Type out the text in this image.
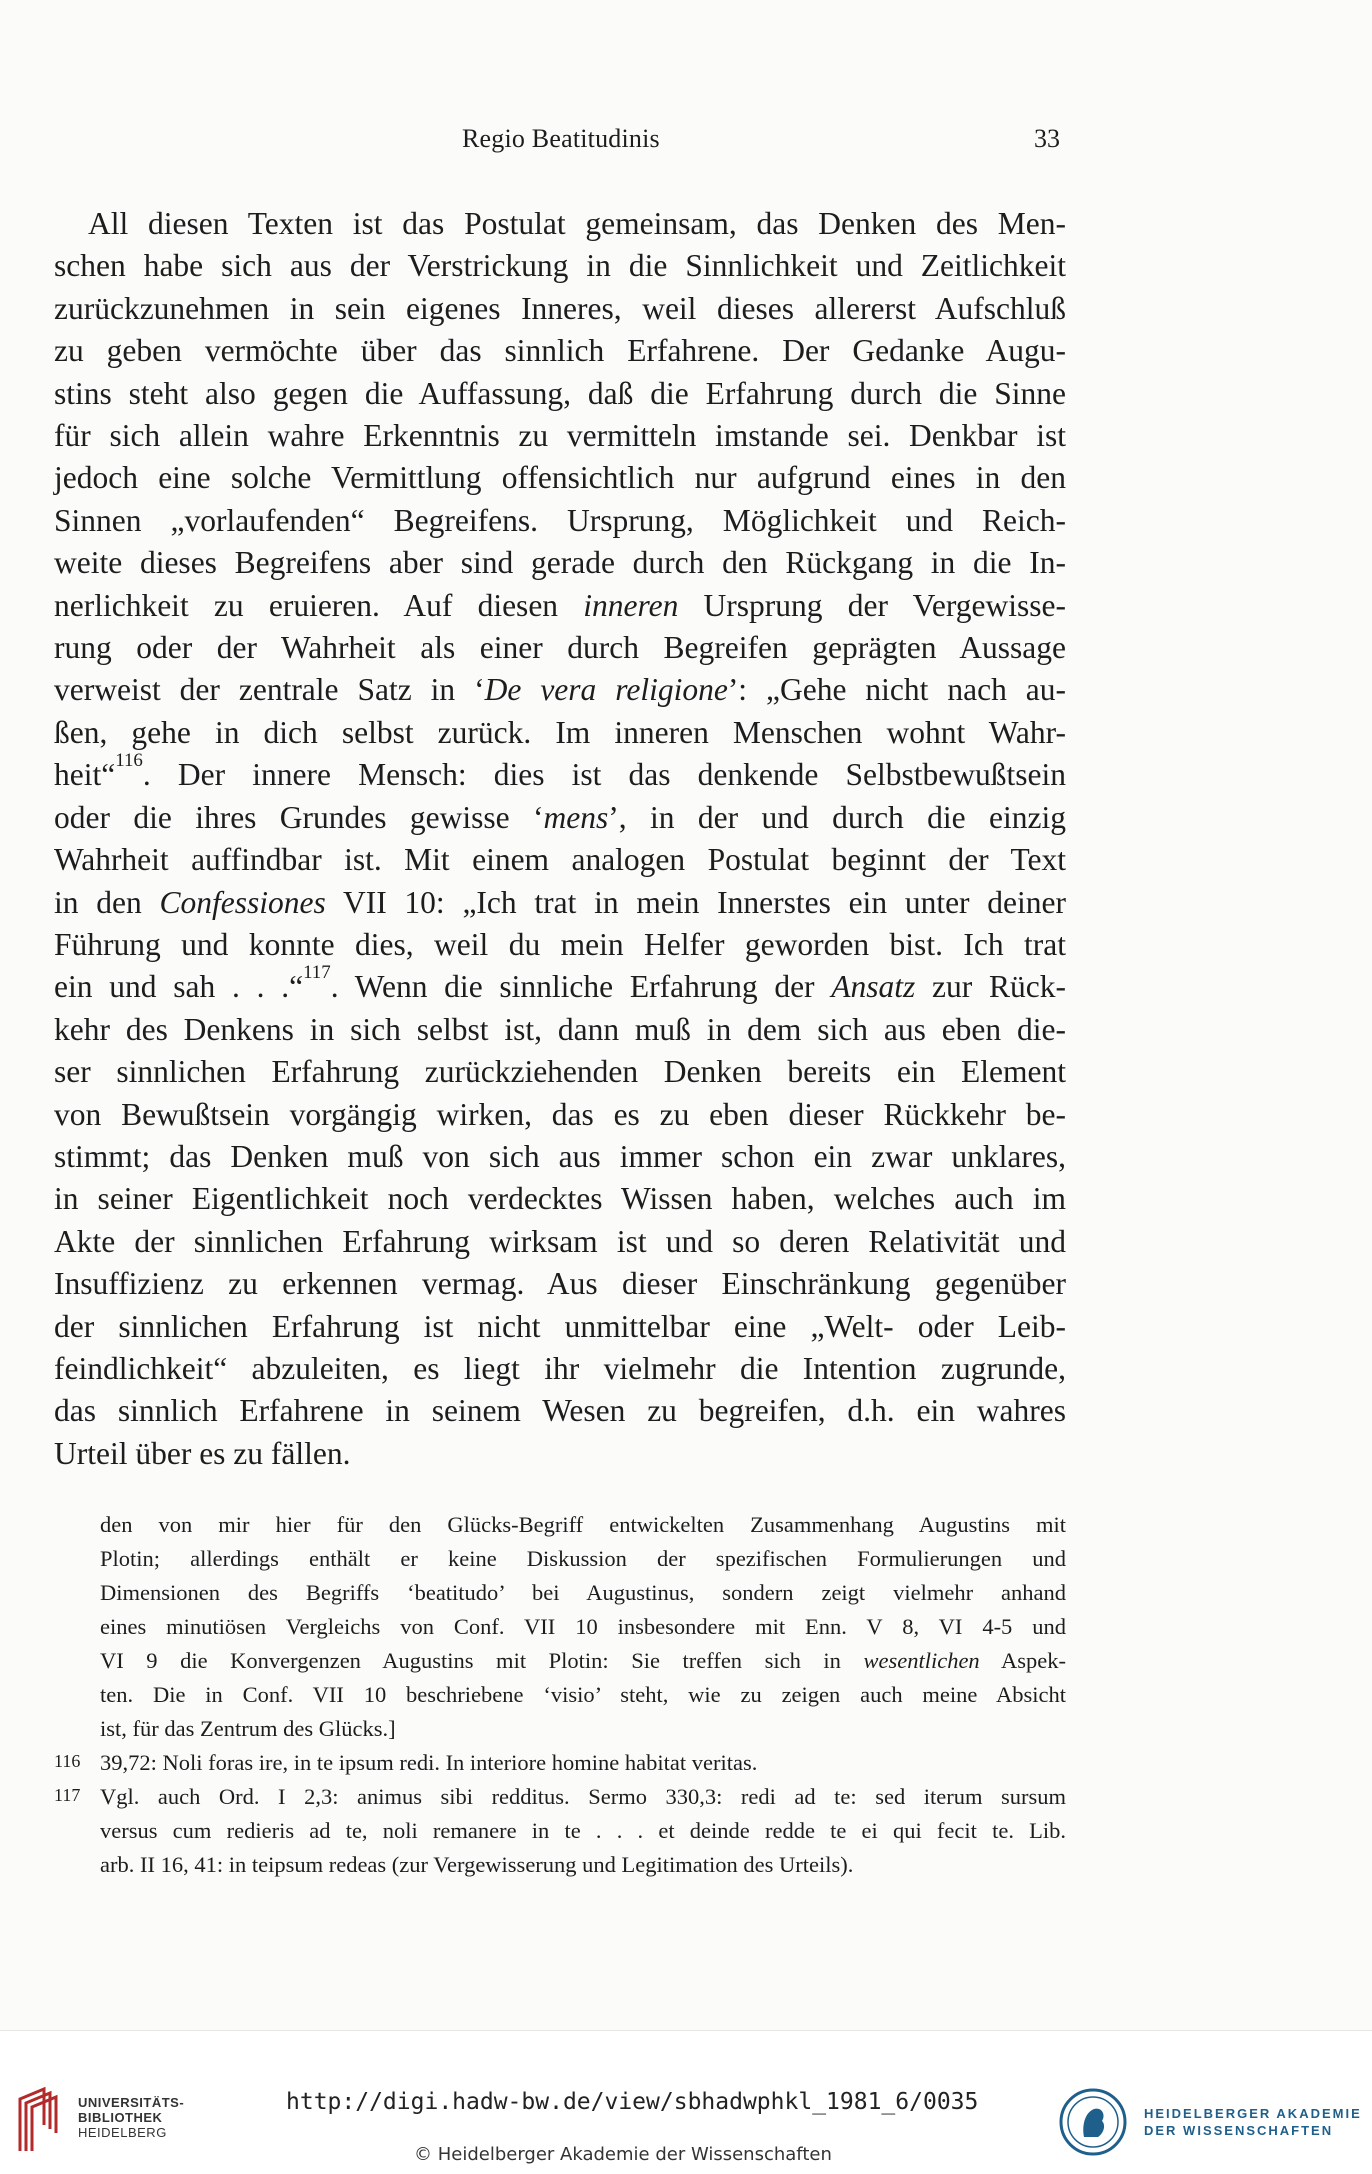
Regio Beatitudinis	33
All diesen Texten ist das Postulat gemeinsam, das Denken des Men-
schen habe sich aus der Verstrickung in die Sinnlichkeit und Zeitlichkeit
zurückzunehmen in sein eigenes Inneres, weil dieses allererst Aufschluß
zu geben vermöchte über das sinnlich Erfahrene. Der Gedanke Augu-
stins steht also gegen die Auffassung, daß die Erfahrung durch die Sinne
für sich allein wahre Erkenntnis zu vermitteln imstande sei. Denkbar ist
jedoch eine solche Vermittlung offensichtlich nur aufgrund eines in den
Sinnen „vorlaufenden“ Begreifens. Ursprung, Möglichkeit und Reich-
weite dieses Begreifens aber sind gerade durch den Rückgang in die In-
nerlichkeit zu eruieren. Auf diesen inneren Ursprung der Vergewisse-
rung oder der Wahrheit als einer durch Begreifen geprägten Aussage
verweist der zentrale Satz in ‘De vera religione’: „Gehe nicht nach au-
ßen, gehe in dich selbst zurück. Im inneren Menschen wohnt Wahr-
heit“$^{116}$. Der innere Mensch: dies ist das denkende Selbstbewußtsein
oder die ihres Grundes gewisse ‘mens’, in der und durch die einzig
Wahrheit auffindbar ist. Mit einem analogen Postulat beginnt der Text
in den Confessiones VII 10: „Ich trat in mein Innerstes ein unter deiner
Führung und konnte dies, weil du mein Helfer geworden bist. Ich trat
ein und sah . . .“$^{117}$. Wenn die sinnliche Erfahrung der Ansatz zur Rück-
kehr des Denkens in sich selbst ist, dann muß in dem sich aus eben die-
ser sinnlichen Erfahrung zurückziehenden Denken bereits ein Element
von Bewußtsein vorgängig wirken, das es zu eben dieser Rückkehr be-
stimmt; das Denken muß von sich aus immer schon ein zwar unklares,
in seiner Eigentlichkeit noch verdecktes Wissen haben, welches auch im
Akte der sinnlichen Erfahrung wirksam ist und so deren Relativität und
Insuffizienz zu erkennen vermag. Aus dieser Einschränkung gegenüber
der sinnlichen Erfahrung ist nicht unmittelbar eine „Welt- oder Leib-
feindlichkeit“ abzuleiten, es liegt ihr vielmehr die Intention zugrunde,
das sinnlich Erfahrene in seinem Wesen zu begreifen, d.h. ein wahres
Urteil über es zu fällen.
den von mir hier für den Glücks-Begriff entwickelten Zusammenhang Augustins mit
Plotin; allerdings enthält er keine Diskussion der spezifischen Formulierungen und
Dimensionen des Begriffs ‘beatitudo’ bei Augustinus, sondern zeigt vielmehr anhand
eines minutiösen Vergleichs von Conf. VII 10 insbesondere mit Enn. V 8, VI 4-5 und
VI 9 die Konvergenzen Augustins mit Plotin: Sie treffen sich in wesentlichen Aspek-
ten. Die in Conf. VII 10 beschriebene ‘visio’ steht, wie zu zeigen auch meine Absicht
ist, für das Zentrum des Glücks.]
116 39,72: Noli foras ire, in te ipsum redi. In interiore homine habitat veritas.
117 Vgl. auch Ord. I 2,3: animus sibi redditus. Sermo 330,3: redi ad te: sed iterum sursum
versus cum redieris ad te, noli remanere in te . . . et deinde redde te ei qui fecit te. Lib.
arb. II 16, 41: in teipsum redeas (zur Vergewisserung und Legitimation des Urteils).
UNIVERSITÄTS-
BIBLIOTHEK
HEIDELBERG
http://digi.hadw-bw.de/view/sbhadwphkl_1981_6/0035
© Heidelberger Akademie der Wissenschaften
HEIDELBERGER AKADEMIE
DER WISSENSCHAFTEN
